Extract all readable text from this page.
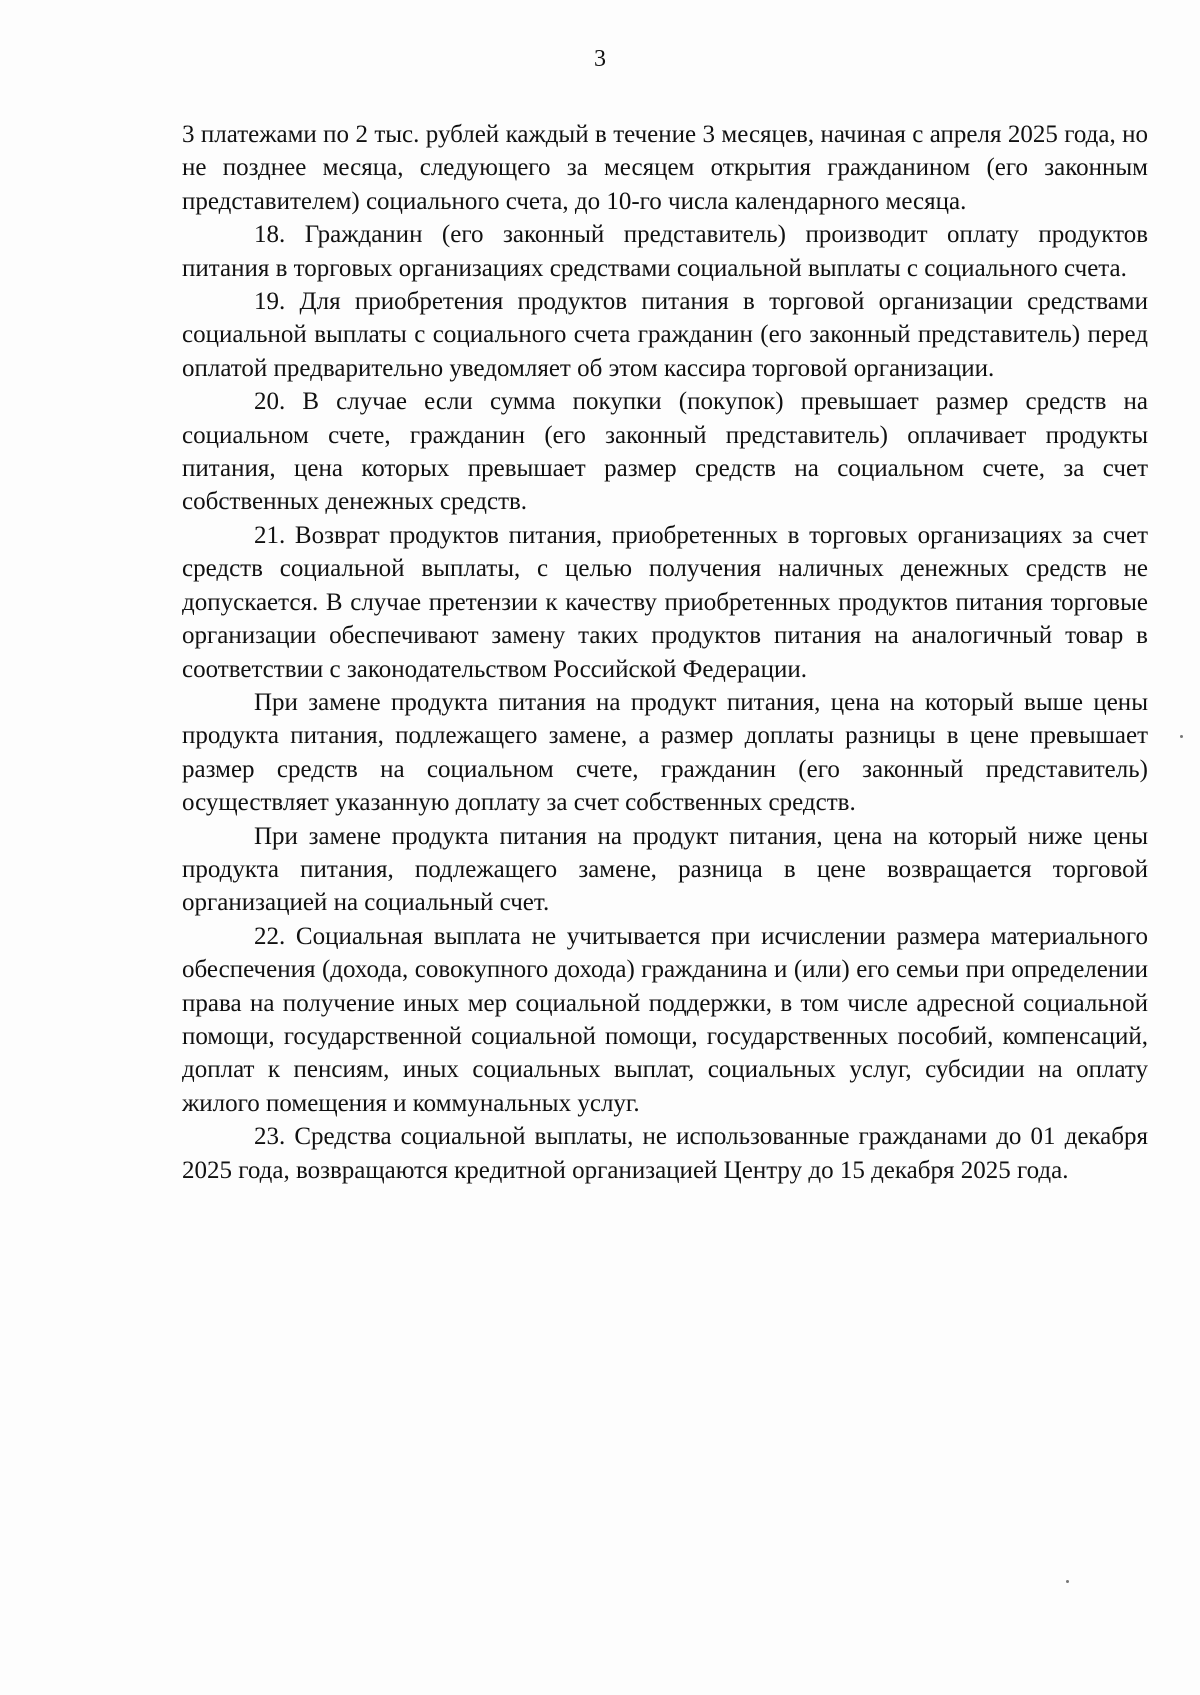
3

3 платежами по 2 тыс. рублей каждый в течение 3 месяцев, начиная с апреля 2025 года, но не позднее месяца, следующего за месяцем открытия гражданином (его законным представителем) социального счета, до 10-го числа календарного месяца.

18. Гражданин (его законный представитель) производит оплату продуктов питания в торговых организациях средствами социальной выплаты с социального счета.

19. Для приобретения продуктов питания в торговой организации средствами социальной выплаты с социального счета гражданин (его законный представитель) перед оплатой предварительно уведомляет об этом кассира торговой организации.

20. В случае если сумма покупки (покупок) превышает размер средств на социальном счете, гражданин (его законный представитель) оплачивает продукты питания, цена которых превышает размер средств на социальном счете, за счет собственных денежных средств.

21. Возврат продуктов питания, приобретенных в торговых организациях за счет средств социальной выплаты, с целью получения наличных денежных средств не допускается. В случае претензии к качеству приобретенных продуктов питания торговые организации обеспечивают замену таких продуктов питания на аналогичный товар в соответствии с законодательством Российской Федерации.

При замене продукта питания на продукт питания, цена на который выше цены продукта питания, подлежащего замене, а размер доплаты разницы в цене превышает размер средств на социальном счете, гражданин (его законный представитель) осуществляет указанную доплату за счет собственных средств.

При замене продукта питания на продукт питания, цена на который ниже цены продукта питания, подлежащего замене, разница в цене возвращается торговой организацией на социальный счет.

22. Социальная выплата не учитывается при исчислении размера материального обеспечения (дохода, совокупного дохода) гражданина и (или) его семьи при определении права на получение иных мер социальной поддержки, в том числе адресной социальной помощи, государственной социальной помощи, государственных пособий, компенсаций, доплат к пенсиям, иных социальных выплат, социальных услуг, субсидии на оплату жилого помещения и коммунальных услуг.

23. Средства социальной выплаты, не использованные гражданами до 01 декабря 2025 года, возвращаются кредитной организацией Центру до 15 декабря 2025 года.
